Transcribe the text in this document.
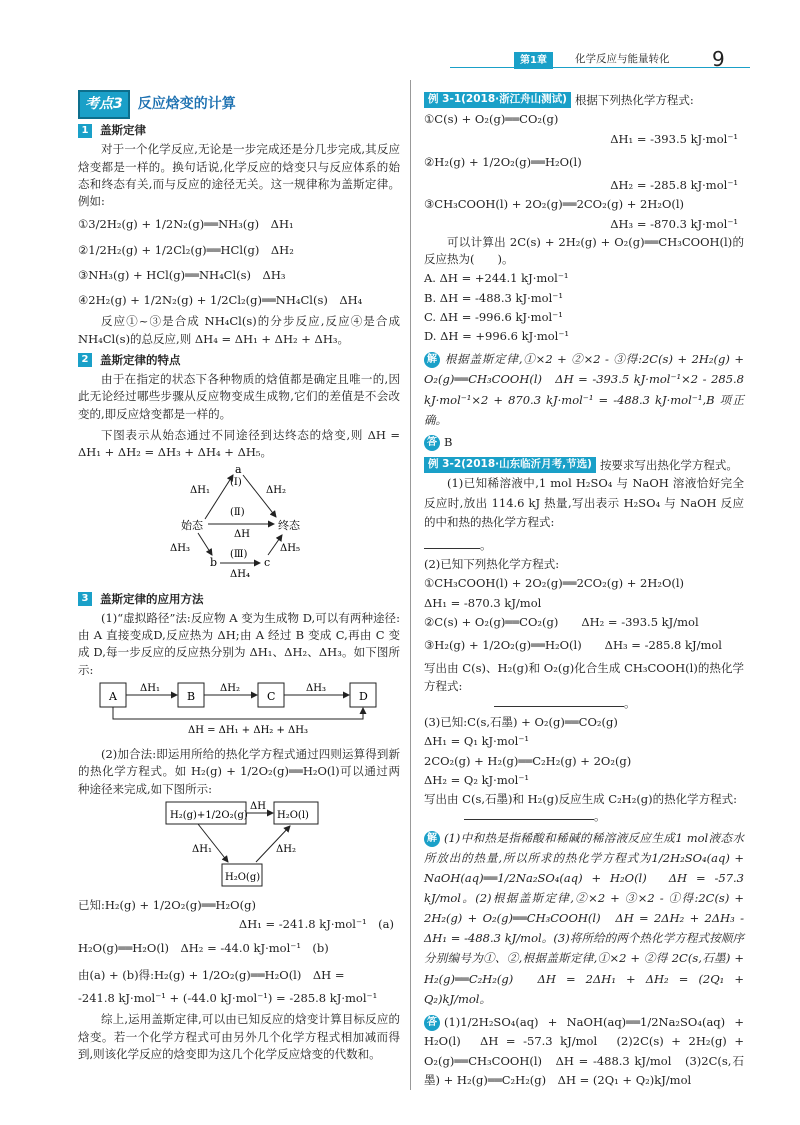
第1章	化学反应与能量转化 9
考点3	反应焓变的计算
1	盖斯定律

对于一个化学反应,无论是一步完成还是分几步完成,其反应焓变都是一样的。换句话说,化学反应的焓变只与反应体系的始态和终态有关,而与反应的途径无关。这一规律称为盖斯定律。例如:

①3/2H₂(g) + 1/2N₂(g)══NH₃(g)　ΔH₁
②1/2H₂(g) + 1/2Cl₂(g)══HCl(g)　ΔH₂
③NH₃(g) + HCl(g)══NH₄Cl(s)　ΔH₃
④2H₂(g) + 1/2N₂(g) + 1/2Cl₂(g)══NH₄Cl(s)　ΔH₄

反应①~③是合成 NH₄Cl(s)的分步反应,反应④是合成 NH₄Cl(s)的总反应,则 ΔH₄ = ΔH₁ + ΔH₂ + ΔH₃。

2	盖斯定律的特点

由于在指定的状态下各种物质的焓值都是确定且唯一的,因此无论经过哪些步骤从反应物变成生成物,它们的差值是不会改变的,即反应焓变都是一样的。

下图表示从始态通过不同途径到达终态的焓变,则 ΔH = ΔH₁ + ΔH₂ = ΔH₃ + ΔH₄ + ΔH₅。

始态	终态
a
(Ⅰ)
ΔH₁	ΔH₂
(Ⅱ)
ΔH
b	c
(Ⅲ)
ΔH₃
ΔH₄
ΔH₅
3	盖斯定律的应用方法

(1)“虚拟路径”法:反应物 A 变为生成物 D,可以有两种途径:由 A 直接变成D,反应热为 ΔH;由 A 经过 B 变成 C,再由 C 变成 D,每一步反应的反应热分别为 ΔH₁、ΔH₂、ΔH₃。如下图所示:

A	B	C	D
ΔH₁	ΔH₂	ΔH₃
ΔH = ΔH₁ + ΔH₂ + ΔH₃

(2)加合法:即运用所给的热化学方程式通过四则运算得到新的热化学方程式。如 H₂(g) + 1/2O₂(g)══H₂O(l)可以通过两种途径来完成,如下图所示:

H₂(g)+1/2O₂(g)	H₂O(l)
H₂O(g)
ΔH
ΔH₁	ΔH₂
已知:H₂(g) + 1/2O₂(g)══H₂O(g)
ΔH₁ = -241.8 kJ·mol⁻¹　(a)
H₂O(g)══H₂O(l)　ΔH₂ = -44.0 kJ·mol⁻¹　(b)
由(a) + (b)得:H₂(g) + 1/2O₂(g)══H₂O(l)　ΔH =
-241.8 kJ·mol⁻¹ + (-44.0 kJ·mol⁻¹) = -285.8 kJ·mol⁻¹

综上,运用盖斯定律,可以由已知反应的焓变计算目标反应的焓变。若一个化学方程式可由另外几个化学方程式相加减而得到,则该化学反应的焓变即为这几个化学反应焓变的代数和。

例 3-1(2018·浙江舟山测试) 根据下列热化学方程式:
①C(s) + O₂(g)══CO₂(g)
ΔH₁ = -393.5 kJ·mol⁻¹
②H₂(g) + 1/2O₂(g)══H₂O(l)
ΔH₂ = -285.8 kJ·mol⁻¹
③CH₃COOH(l) + 2O₂(g)══2CO₂(g) + 2H₂O(l)
ΔH₃ = -870.3 kJ·mol⁻¹

可以计算出 2C(s) + 2H₂(g) + O₂(g)══CH₃COOH(l)的反应热为(　　)。

A. ΔH = +244.1 kJ·mol⁻¹
B. ΔH = -488.3 kJ·mol⁻¹
C. ΔH = -996.6 kJ·mol⁻¹
D. ΔH = +996.6 kJ·mol⁻¹

解 根据盖斯定律,①×2 + ②×2 - ③得:2C(s) + 2H₂(g) + O₂(g)══CH₃COOH(l)　ΔH = -393.5 kJ·mol⁻¹×2 - 285.8 kJ·mol⁻¹×2 + 870.3 kJ·mol⁻¹ = -488.3 kJ·mol⁻¹,B 项正确。

答 B

例 3-2(2018·山东临沂月考,节选) 按要求写出热化学方程式。

(1)已知稀溶液中,1 mol H₂SO₄ 与 NaOH 溶液恰好完全反应时,放出 114.6 kJ 热量,写出表示 H₂SO₄ 与 NaOH 反应的中和热的热化学方程式:

。
(2)已知下列热化学方程式:
①CH₃COOH(l) + 2O₂(g)══2CO₂(g) + 2H₂O(l)
ΔH₁ = -870.3 kJ/mol
②C(s) + O₂(g)══CO₂(g)　　ΔH₂ = -393.5 kJ/mol
③H₂(g) + 1/2O₂(g)══H₂O(l)　　ΔH₃ = -285.8 kJ/mol

写出由 C(s)、H₂(g)和 O₂(g)化合生成 CH₃COOH(l)的热化学方程式:

。
(3)已知:C(s,石墨) + O₂(g)══CO₂(g)
ΔH₁ = Q₁ kJ·mol⁻¹
2CO₂(g) + H₂(g)══C₂H₂(g) + 2O₂(g)
ΔH₂ = Q₂ kJ·mol⁻¹

写出由 C(s,石墨)和 H₂(g)反应生成 C₂H₂(g)的热化学方程式:

。

解 (1)中和热是指稀酸和稀碱的稀溶液反应生成1 mol液态水所放出的热量,所以所求的热化学方程式为1/2H₂SO₄(aq) + NaOH(aq)══1/2Na₂SO₄(aq) + H₂O(l)　ΔH = -57.3 kJ/mol。(2)根据盖斯定律,②×2 + ③×2 - ①得:2C(s) + 2H₂(g) + O₂(g)══CH₃COOH(l)　ΔH = 2ΔH₂ + 2ΔH₃ - ΔH₁ = -488.3 kJ/mol。(3)将所给的两个热化学方程式按顺序分别编号为①、②,根据盖斯定律,①×2 + ②得 2C(s,石墨) + H₂(g)══C₂H₂(g)　ΔH = 2ΔH₁ + ΔH₂ = (2Q₁ + Q₂)kJ/mol。

答 (1)1/2H₂SO₄(aq) + NaOH(aq)══1/2Na₂SO₄(aq) + H₂O(l)　ΔH = -57.3 kJ/mol　(2)2C(s) + 2H₂(g) + O₂(g)══CH₃COOH(l)　ΔH = -488.3 kJ/mol　(3)2C(s,石墨) + H₂(g)══C₂H₂(g)　ΔH = (2Q₁ + Q₂)kJ/mol
